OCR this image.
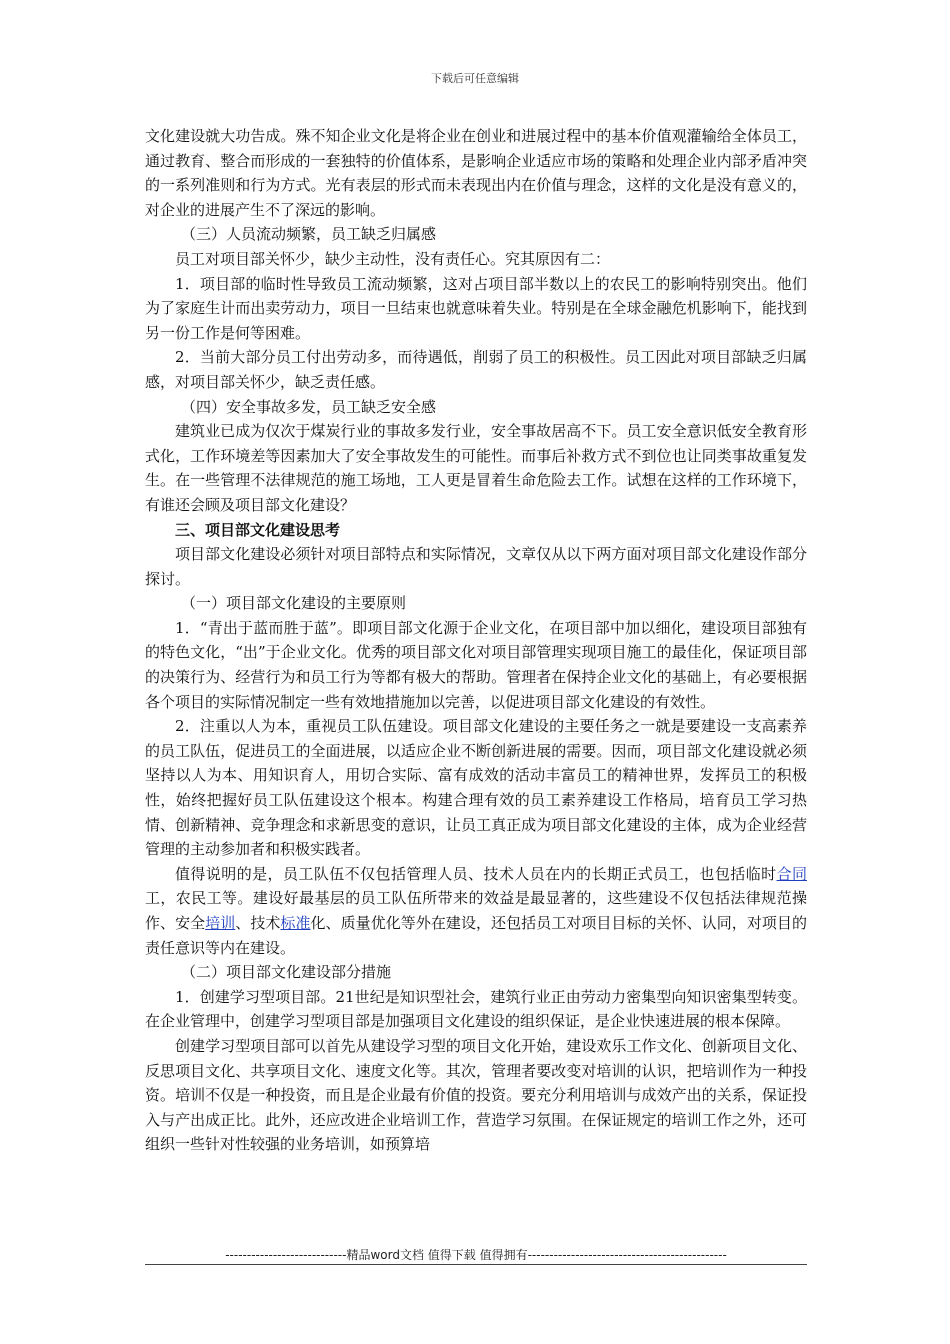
下载后可任意编辑

文化建设就大功告成。殊不知企业文化是将企业在创业和进展过程中的基本价值观灌输给全体员工，通过教育、整合而形成的一套独特的价值体系，是影响企业适应市场的策略和处理企业内部矛盾冲突的一系列准则和行为方式。光有表层的形式而未表现出内在价值与理念，这样的文化是没有意义的，对企业的进展产生不了深远的影响。

（三）人员流动频繁，员工缺乏归属感

员工对项目部关怀少，缺少主动性，没有责任心。究其原因有二：

1．项目部的临时性导致员工流动频繁，这对占项目部半数以上的农民工的影响特别突出。他们为了家庭生计而出卖劳动力，项目一旦结束也就意味着失业。特别是在全球金融危机影响下，能找到另一份工作是何等困难。

2．当前大部分员工付出劳动多，而待遇低，削弱了员工的积极性。员工因此对项目部缺乏归属感，对项目部关怀少，缺乏责任感。

（四）安全事故多发，员工缺乏安全感

建筑业已成为仅次于煤炭行业的事故多发行业，安全事故居高不下。员工安全意识低安全教育形式化，工作环境差等因素加大了安全事故发生的可能性。而事后补救方式不到位也让同类事故重复发生。在一些管理不法律规范的施工场地，工人更是冒着生命危险去工作。试想在这样的工作环境下，有谁还会顾及项目部文化建设？

三、项目部文化建设思考

项目部文化建设必须针对项目部特点和实际情况，文章仅从以下两方面对项目部文化建设作部分探讨。

（一）项目部文化建设的主要原则

1．“青出于蓝而胜于蓝”。即项目部文化源于企业文化，在项目部中加以细化，建设项目部独有的特色文化，“出”于企业文化。优秀的项目部文化对项目部管理实现项目施工的最佳化，保证项目部的决策行为、经营行为和员工行为等都有极大的帮助。管理者在保持企业文化的基础上，有必要根据各个项目的实际情况制定一些有效地措施加以完善，以促进项目部文化建设的有效性。

2．注重以人为本，重视员工队伍建设。项目部文化建设的主要任务之一就是要建设一支高素养的员工队伍，促进员工的全面进展，以适应企业不断创新进展的需要。因而，项目部文化建设就必须坚持以人为本、用知识育人，用切合实际、富有成效的活动丰富员工的精神世界，发挥员工的积极性，始终把握好员工队伍建设这个根本。构建合理有效的员工素养建设工作格局，培育员工学习热情、创新精神、竞争理念和求新思变的意识，让员工真正成为项目部文化建设的主体，成为企业经营管理的主动参加者和积极实践者。

值得说明的是，员工队伍不仅包括管理人员、技术人员在内的长期正式员工，也包括临时合同工，农民工等。建设好最基层的员工队伍所带来的效益是最显著的，这些建设不仅包括法律规范操作、安全培训、技术标准化、质量优化等外在建设，还包括员工对项目目标的关怀、认同，对项目的责任意识等内在建设。

（二）项目部文化建设部分措施

1．创建学习型项目部。21世纪是知识型社会，建筑行业正由劳动力密集型向知识密集型转变。在企业管理中，创建学习型项目部是加强项目文化建设的组织保证，是企业快速进展的根本保障。

创建学习型项目部可以首先从建设学习型的项目文化开始，建设欢乐工作文化、创新项目文化、反思项目文化、共享项目文化、速度文化等。其次，管理者要改变对培训的认识，把培训作为一种投资。培训不仅是一种投资，而且是企业最有价值的投资。要充分利用培训与成效产出的关系，保证投入与产出成正比。此外，还应改进企业培训工作，营造学习氛围。在保证规定的培训工作之外，还可组织一些针对性较强的业务培训，如预算培

----------------------------精品word文档 值得下载 值得拥有----------------------------------------------
